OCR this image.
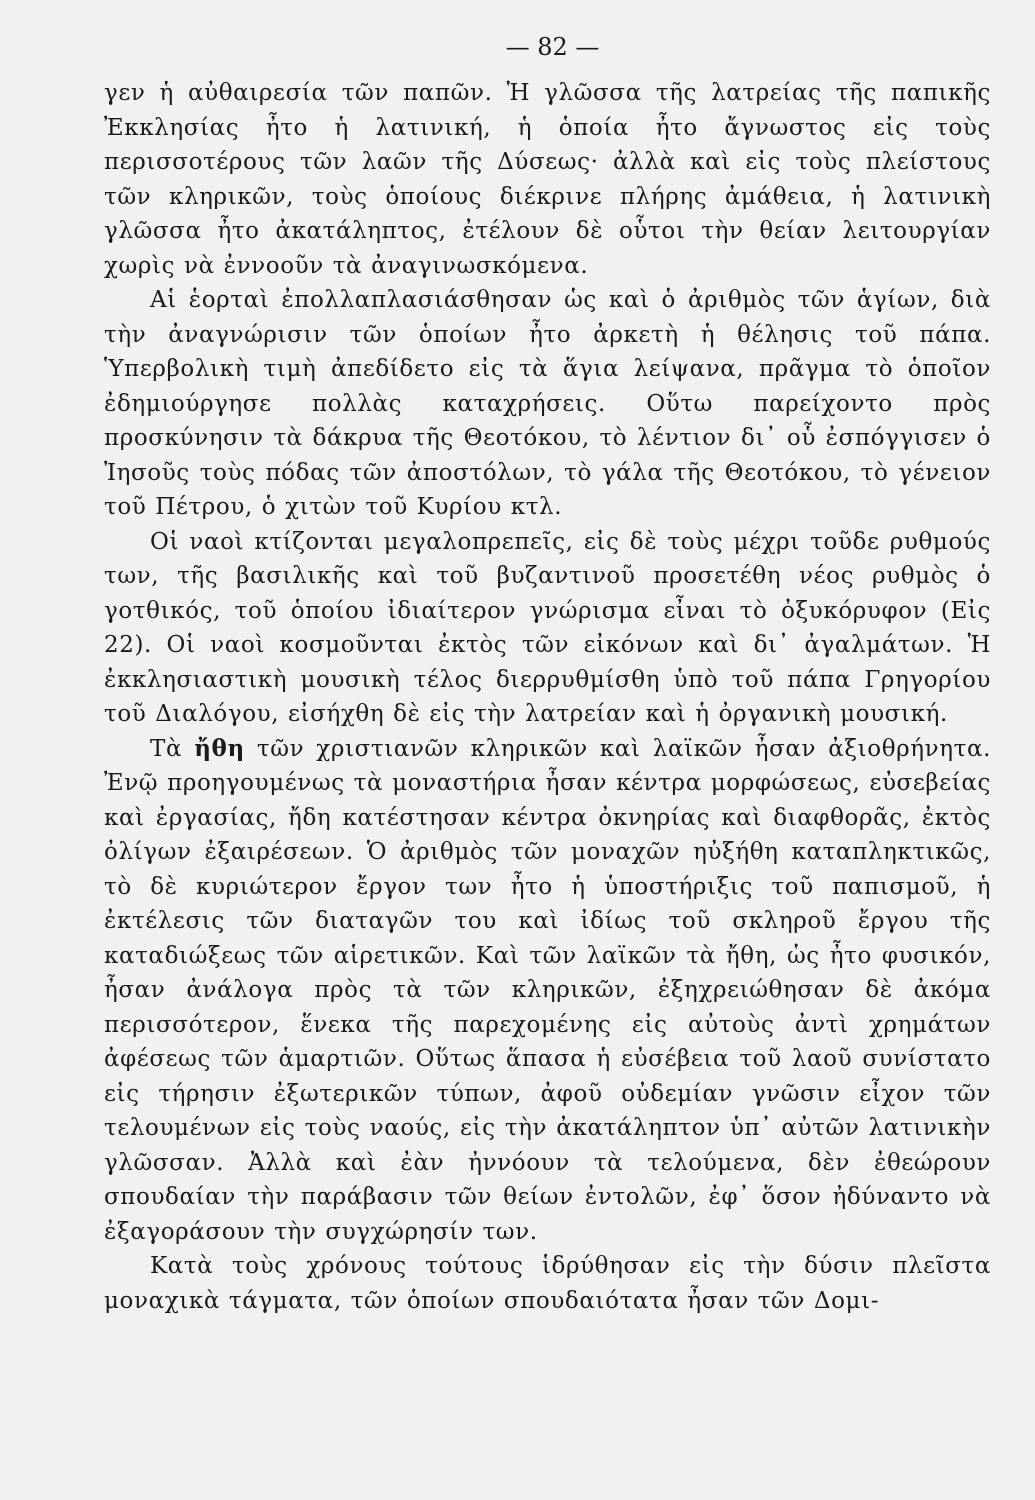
— 82 —

γεν ἡ αὐθαιρεσία τῶν παπῶν. Ἡ γλῶσσα τῆς λατρείας τῆς παπικῆς Ἐκκλησίας ἦτο ἡ λατινική, ἡ ὁποία ἦτο ἄγνωστος εἰς τοὺς περισσοτέρους τῶν λαῶν τῆς Δύσεως· ἀλλὰ καὶ εἰς τοὺς πλείστους τῶν κληρικῶν, τοὺς ὁποίους διέκρινε πλήρης ἀμάθεια, ἡ λατινικὴ γλῶσσα ἦτο ἀκατάληπτος, ἐτέλουν δὲ οὗτοι τὴν θείαν λειτουργίαν χωρὶς νὰ ἐννοοῦν τὰ ἀναγινωσκόμενα.

Αἱ ἑορταὶ ἐπολλαπλασιάσθησαν ὡς καὶ ὁ ἀριθμὸς τῶν ἁγίων, διὰ τὴν ἀναγνώρισιν τῶν ὁποίων ἦτο ἀρκετὴ ἡ θέλησις τοῦ πάπα. Ὑπερβολικὴ τιμὴ ἀπεδίδετο εἰς τὰ ἅγια λείψανα, πρᾶγμα τὸ ὁποῖον ἐδημιούργησε πολλὰς καταχρήσεις. Οὕτω παρείχοντο πρὸς προσκύνησιν τὰ δάκρυα τῆς Θεοτόκου, τὸ λέντιον δι᾽ οὗ ἐσπόγγισεν ὁ Ἰησοῦς τοὺς πόδας τῶν ἀποστόλων, τὸ γάλα τῆς Θεοτόκου, τὸ γένειον τοῦ Πέτρου, ὁ χιτὼν τοῦ Κυρίου κτλ.

Οἱ ναοὶ κτίζονται μεγαλοπρεπεῖς, εἰς δὲ τοὺς μέχρι τοῦδε ρυθμούς των, τῆς βασιλικῆς καὶ τοῦ βυζαντινοῦ προσετέθη νέος ρυθμὸς ὁ γοτθικός, τοῦ ὁποίου ἰδιαίτερον γνώρισμα εἶναι τὸ ὀξυκόρυφον (Εἰς 22). Οἱ ναοὶ κοσμοῦνται ἐκτὸς τῶν εἰκόνων καὶ δι᾽ ἀγαλμάτων. Ἡ ἐκκλησιαστικὴ μουσικὴ τέλος διερρυθμίσθη ὑπὸ τοῦ πάπα Γρηγορίου τοῦ Διαλόγου, εἰσήχθη δὲ εἰς τὴν λατρείαν καὶ ἡ ὀργανικὴ μουσική.

Τὰ ἤθη τῶν χριστιανῶν κληρικῶν καὶ λαϊκῶν ἦσαν ἀξιοθρήνητα. Ἐνῷ προηγουμένως τὰ μοναστήρια ἦσαν κέντρα μορφώσεως, εὐσεβείας καὶ ἐργασίας, ἤδη κατέστησαν κέντρα ὀκνηρίας καὶ διαφθορᾶς, ἐκτὸς ὀλίγων ἐξαιρέσεων. Ὁ ἀριθμὸς τῶν μοναχῶν ηὐξήθη καταπληκτικῶς, τὸ δὲ κυριώτερον ἔργον των ἦτο ἡ ὑποστήριξις τοῦ παπισμοῦ, ἡ ἐκτέλεσις τῶν διαταγῶν του καὶ ἰδίως τοῦ σκληροῦ ἔργου τῆς καταδιώξεως τῶν αἱρετικῶν. Καὶ τῶν λαϊκῶν τὰ ἤθη, ὡς ἦτο φυσικόν, ἦσαν ἀνάλογα πρὸς τὰ τῶν κληρικῶν, ἐξηχρειώθησαν δὲ ἀκόμα περισσότερον, ἕνεκα τῆς παρεχομένης εἰς αὐτοὺς ἀντὶ χρημάτων ἀφέσεως τῶν ἁμαρτιῶν. Οὕτως ἅπασα ἡ εὐσέβεια τοῦ λαοῦ συνίστατο εἰς τήρησιν ἐξωτερικῶν τύπων, ἀφοῦ οὐδεμίαν γνῶσιν εἶχον τῶν τελουμένων εἰς τοὺς ναούς, εἰς τὴν ἀκατάληπτον ὑπ᾽ αὐτῶν λατινικὴν γλῶσσαν. Ἀλλὰ καὶ ἐὰν ἠννόουν τὰ τελούμενα, δὲν ἐθεώρουν σπουδαίαν τὴν παράβασιν τῶν θείων ἐντολῶν, ἐφ᾽ ὅσον ἠδύναντο νὰ ἐξαγοράσουν τὴν συγχώρησίν των.

Κατὰ τοὺς χρόνους τούτους ἱδρύθησαν εἰς τὴν δύσιν πλεῖστα μοναχικὰ τάγματα, τῶν ὁποίων σπουδαιότατα ἦσαν τῶν Δομι-
